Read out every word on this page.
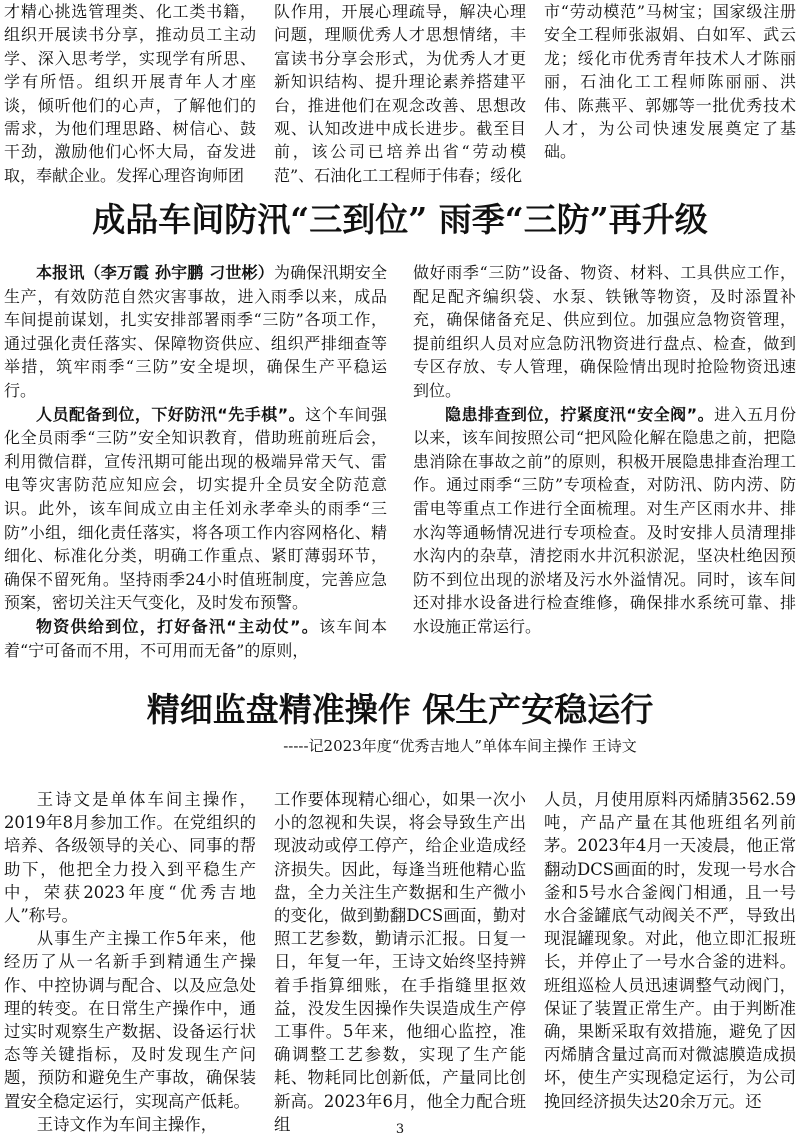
才精心挑选管理类、化工类书籍，组织开展读书分享，推动员工主动学、深入思考学，实现学有所思、学有所悟。组织开展青年人才座谈，倾听他们的心声，了解他们的需求，为他们理思路、树信心、鼓干劲，激励他们心怀大局，奋发进取，奉献企业。发挥心理咨询师团

队作用，开展心理疏导，解决心理问题，理顺优秀人才思想情绪，丰富读书分享会形式，为优秀人才更新知识结构、提升理论素养搭建平台，推进他们在观念改善、思想改观、认知改进中成长进步。截至目前，该公司已培养出省“劳动模范”、石油化工工程师于伟春；绥化

市“劳动模范”马树宝；国家级注册安全工程师张淑娟、白如军、武云龙；绥化市优秀青年技术人才陈丽丽，石油化工工程师陈丽丽、洪伟、陈燕平、郭娜等一批优秀技术人才，为公司快速发展奠定了基础。

成品车间防汛“三到位” 雨季“三防”再升级

本报讯（李万霞 孙宇鹏 刁世彬）为确保汛期安全生产，有效防范自然灾害事故，进入雨季以来，成品车间提前谋划，扎实安排部署雨季“三防”各项工作，通过强化责任落实、保障物资供应、组织严排细查等举措，筑牢雨季“三防”安全堤坝，确保生产平稳运行。

人员配备到位，下好防汛“先手棋”。这个车间强化全员雨季“三防”安全知识教育，借助班前班后会，利用微信群，宣传汛期可能出现的极端异常天气、雷电等灾害防范应知应会，切实提升全员安全防范意识。此外，该车间成立由主任刘永孝牵头的雨季“三防”小组，细化责任落实，将各项工作内容网格化、精细化、标准化分类，明确工作重点、紧盯薄弱环节，确保不留死角。坚持雨季24小时值班制度，完善应急预案，密切关注天气变化，及时发布预警。

物资供给到位，打好备汛“主动仗”。该车间本着“宁可备而不用，不可用而无备”的原则，

做好雨季“三防”设备、物资、材料、工具供应工作，配足配齐编织袋、水泵、铁锹等物资，及时添置补充，确保储备充足、供应到位。加强应急物资管理，提前组织人员对应急防汛物资进行盘点、检查，做到专区存放、专人管理，确保险情出现时抢险物资迅速到位。

隐患排查到位，拧紧度汛“安全阀”。进入五月份以来，该车间按照公司“把风险化解在隐患之前，把隐患消除在事故之前”的原则，积极开展隐患排查治理工作。通过雨季“三防”专项检查，对防汛、防内涝、防雷电等重点工作进行全面梳理。对生产区雨水井、排水沟等通畅情况进行专项检查。及时安排人员清理排水沟内的杂草，清挖雨水井沉积淤泥，坚决杜绝因预防不到位出现的淤堵及污水外溢情况。同时，该车间还对排水设备进行检查维修，确保排水系统可靠、排水设施正常运行。

精细监盘精准操作 保生产安稳运行

-----记2023年度“优秀吉地人”单体车间主操作 王诗文

王诗文是单体车间主操作，2019年8月参加工作。在党组织的培养、各级领导的关心、同事的帮助下，他把全力投入到平稳生产中，荣获2023年度“优秀吉地人”称号。

从事生产主操工作5年来，他经历了从一名新手到精通生产操作、中控协调与配合、以及应急处理的转变。在日常生产操作中，通过实时观察生产数据、设备运行状态等关键指标，及时发现生产问题，预防和避免生产事故，确保装置安全稳定运行，实现高产低耗。

王诗文作为车间主操作，

工作要体现精心细心，如果一次小小的忽视和失误，将会导致生产出现波动或停工停产，给企业造成经济损失。因此，每逢当班他精心监盘，全力关注生产数据和生产微小的变化，做到勤翻DCS画面，勤对照工艺参数，勤请示汇报。日复一日，年复一年，王诗文始终坚持辨着手指算细账，在手指缝里抠效益，没发生因操作失误造成生产停工事件。5年来，他细心监控，准确调整工艺参数，实现了生产能耗、物耗同比创新低，产量同比创新高。2023年6月，他全力配合班组

人员，月使用原料丙烯腈3562.59吨，产品产量在其他班组名列前茅。2023年4月一天凌晨，他正常翻动DCS画面的时，发现一号水合釜和5号水合釜阀门相通，且一号水合釜罐底气动阀关不严，导致出现混罐现象。对此，他立即汇报班长，并停止了一号水合釜的进料。班组巡检人员迅速调整气动阀门，保证了装置正常生产。由于判断准确，果断采取有效措施，避免了因丙烯腈含量过高而对微滤膜造成损坏，使生产实现稳定运行，为公司挽回经济损失达20余万元。还

3
